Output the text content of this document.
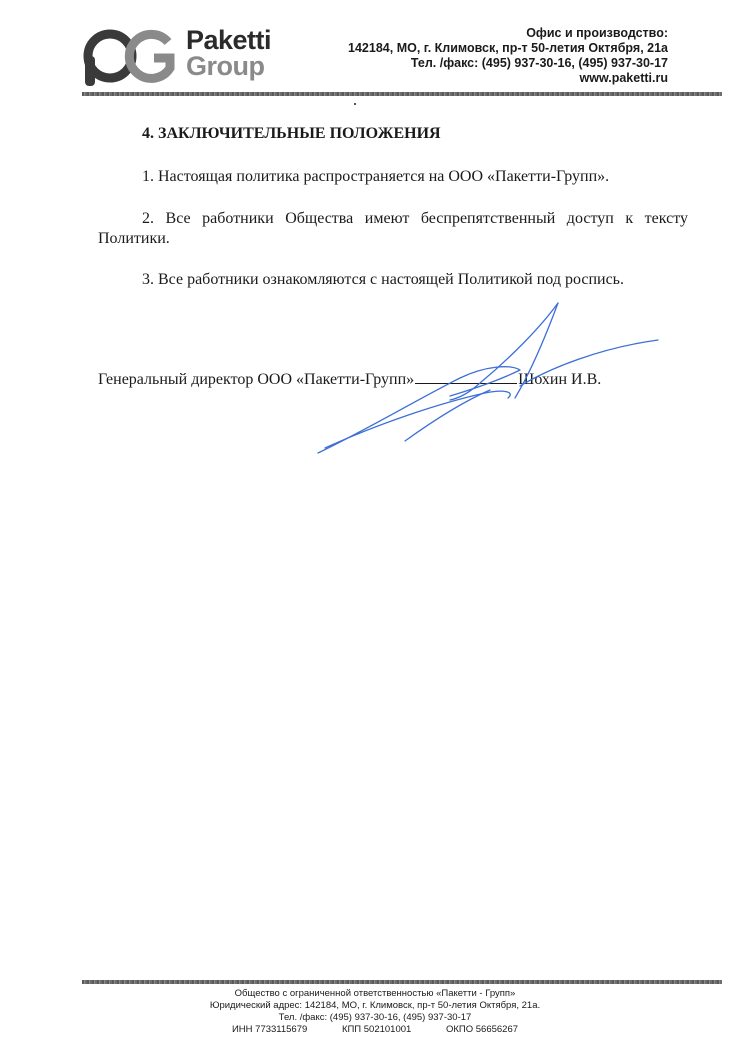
Paketti
Group
Офис и производство:
142184, МО, г. Климовск, пр-т 50-летия Октября, 21а
Тел. /факс: (495) 937-30-16, (495) 937-30-17
www.paketti.ru
4. ЗАКЛЮЧИТЕЛЬНЫЕ ПОЛОЖЕНИЯ
1. Настоящая политика распространяется на ООО «Пакетти-Групп».
2. Все работники Общества имеют беспрепятственный доступ к тексту Политики.
3. Все работники ознакомляются с настоящей Политикой под роспись.
Генеральный директор ООО «Пакетти-Групп»	Шохин И.В.
Общество с ограниченной ответственностью «Пакетти - Групп»
Юридический адрес: 142184, МО, г. Климовск, пр-т 50-летия Октября, 21а.
Тел. /факс: (495) 937-30-16, (495) 937-30-17
ИНН 7733115679	КПП 502101001	ОКПО 56656267
